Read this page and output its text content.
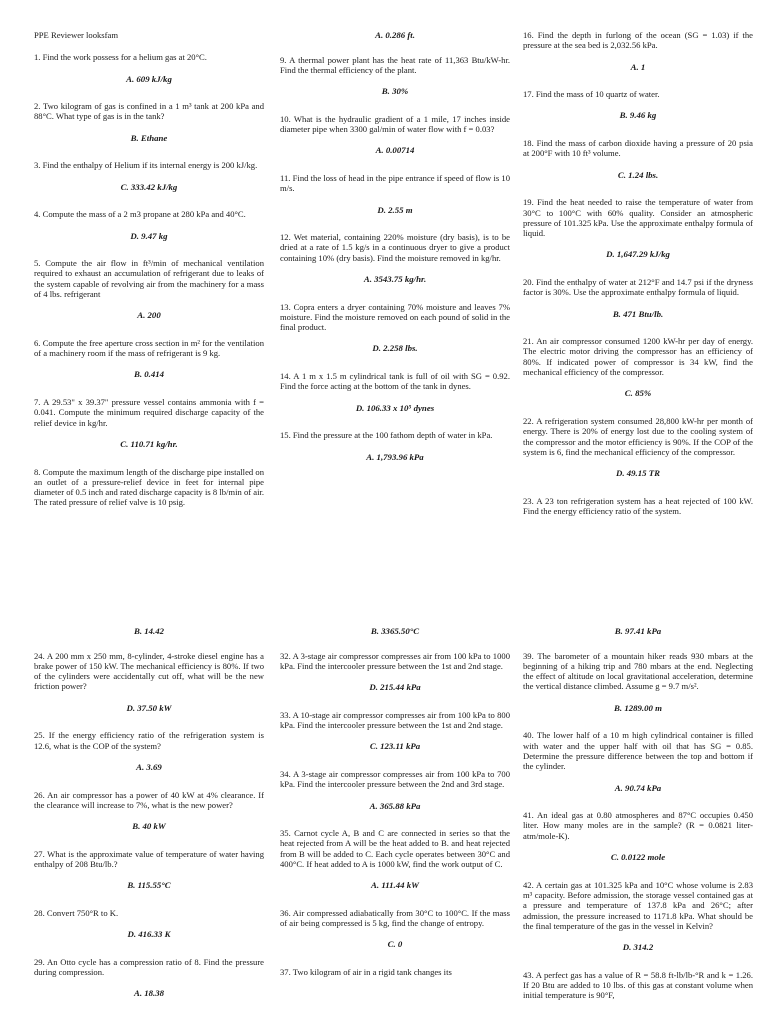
PPE Reviewer looksfam

1. Find the work possess for a helium gas at 20°C.

A. 609 kJ/kg

2. Two kilogram of gas is confined in a 1 m³ tank at 200 kPa and 88°C. What type of gas is in the tank?

B. Ethane

3. Find the enthalpy of Helium if its internal energy is 200 kJ/kg.

C. 333.42 kJ/kg

4. Compute the mass of a 2 m3 propane at 280 kPa and 40°C.

D. 9.47 kg

5. Compute the air flow in ft³/min of mechanical ventilation required to exhaust an accumulation of refrigerant due to leaks of the system capable of revolving air from the machinery for a mass of 4 lbs. refrigerant

A. 200

6. Compute the free aperture cross section in m² for the ventilation of a machinery room if the mass of refrigerant is 9 kg.

B. 0.414

7. A 29.53" x 39.37" pressure vessel contains ammonia with f = 0.041. Compute the minimum required discharge capacity of the relief device in kg/hr.

C. 110.71 kg/hr.

8. Compute the maximum length of the discharge pipe installed on an outlet of a pressure-relief device in feet for internal pipe diameter of 0.5 inch and rated discharge capacity is 8 lb/min of air. The rated pressure of relief valve is 10 psig.

A. 0.286 ft.

9. A thermal power plant has the heat rate of 11,363 Btu/kW-hr. Find the thermal efficiency of the plant.

B. 30%

10. What is the hydraulic gradient of a 1 mile, 17 inches inside diameter pipe when 3300 gal/min of water flow with f = 0.03?

A. 0.00714

11. Find the loss of head in the pipe entrance if speed of flow is 10 m/s.

D. 2.55 m

12. Wet material, containing 220% moisture (dry basis), is to be dried at a rate of 1.5 kg/s in a continuous dryer to give a product containing 10% (dry basis). Find the moisture removed in kg/hr.

A. 3543.75 kg/hr.

13. Copra enters a dryer containing 70% moisture and leaves 7% moisture. Find the moisture removed on each pound of solid in the final product.

D. 2.258 lbs.

14. A 1 m x 1.5 m cylindrical tank is full of oil with SG = 0.92. Find the force acting at the bottom of the tank in dynes.

D. 106.33 x 10⁵ dynes

15. Find the pressure at the 100 fathom depth of water in kPa.

A. 1,793.96 kPa

16. Find the depth in furlong of the ocean (SG = 1.03) if the pressure at the sea bed is 2,032.56 kPa.

A. 1

17. Find the mass of 10 quartz of water.

B. 9.46 kg

18. Find the mass of carbon dioxide having a pressure of 20 psia at 200°F with 10 ft³ volume.

C. 1.24 lbs.

19. Find the heat needed to raise the temperature of water from 30°C to 100°C with 60% quality. Consider an atmospheric pressure of 101.325 kPa. Use the approximate enthalpy formula of liquid.

D. 1,647.29 kJ/kg

20. Find the enthalpy of water at 212°F and 14.7 psi if the dryness factor is 30%. Use the approximate enthalpy formula of liquid.

B. 471 Btu/lb.

21. An air compressor consumed 1200 kW-hr per day of energy. The electric motor driving the compressor has an efficiency of 80%. If indicated power of compressor is 34 kW, find the mechanical efficiency of the compressor.

C. 85%

22. A refrigeration system consumed 28,800 kW-hr per month of energy. There is 20% of energy lost due to the cooling system of the compressor and the motor efficiency is 90%. If the COP of the system is 6, find the mechanical efficiency of the compressor.

D. 49.15 TR

23. A 23 ton refrigeration system has a heat rejected of 100 kW. Find the energy efficiency ratio of the system.

B. 14.42

24. A 200 mm x 250 mm, 8-cylinder, 4-stroke diesel engine has a brake power of 150 kW. The mechanical efficiency is 80%. If two of the cylinders were accidentally cut off, what will be the new friction power?

D. 37.50 kW

25. If the energy efficiency ratio of the refrigeration system is 12.6, what is the COP of the system?

A. 3.69

26. An air compressor has a power of 40 kW at 4% clearance. If the clearance will increase to 7%, what is the new power?

B. 40 kW

27. What is the approximate value of temperature of water having enthalpy of 208 Btu/lb.?

B. 115.55°C

28. Convert 750°R to K.

D. 416.33 K

29. An Otto cycle has a compression ratio of 8. Find the pressure during compression.

A. 18.38

B. 3365.50°C

32. A 3-stage air compressor compresses air from 100 kPa to 1000 kPa. Find the intercooler pressure between the 1st and 2nd stage.

D. 215.44 kPa

33. A 10-stage air compressor compresses air from 100 kPa to 800 kPa. Find the intercooler pressure between the 1st and 2nd stage.

C. 123.11 kPa

34. A 3-stage air compressor compresses air from 100 kPa to 700 kPa. Find the intercooler pressure between the 2nd and 3rd stage.

A. 365.88 kPa

35. Carnot cycle A, B and C are connected in series so that the heat rejected from A will be the heat added to B. and heat rejected from B will be added to C. Each cycle operates between 30°C and 400°C. If heat added to A is 1000 kW, find the work output of C.

A. 111.44 kW

36. Air compressed adiabatically from 30°C to 100°C. If the mass of air being compressed is 5 kg, find the change of entropy.

C. 0

37. Two kilogram of air in a rigid tank changes its

B. 97.41 kPa

39. The barometer of a mountain hiker reads 930 mbars at the beginning of a hiking trip and 780 mbars at the end. Neglecting the effect of altitude on local gravitational acceleration, determine the vertical distance climbed. Assume g = 9.7 m/s².

B. 1289.00 m

40. The lower half of a 10 m high cylindrical container is filled with water and the upper half with oil that has SG = 0.85. Determine the pressure difference between the top and bottom if the cylinder.

A. 90.74 kPa

41. An ideal gas at 0.80 atmospheres and 87°C occupies 0.450 liter. How many moles are in the sample? (R = 0.0821 liter-atm/mole-K).

C. 0.0122 mole

42. A certain gas at 101.325 kPa and 10°C whose volume is 2.83 m³ capacity. Before admission, the storage vessel contained gas at a pressure and temperature of 137.8 kPa and 26°C; after admission, the pressure increased to 1171.8 kPa. What should be the final temperature of the gas in the vessel in Kelvin?

D. 314.2

43. A perfect gas has a value of R = 58.8 ft-lb/lb-°R and k = 1.26. If 20 Btu are added to 10 lbs. of this gas at constant volume when initial temperature is 90°F,
